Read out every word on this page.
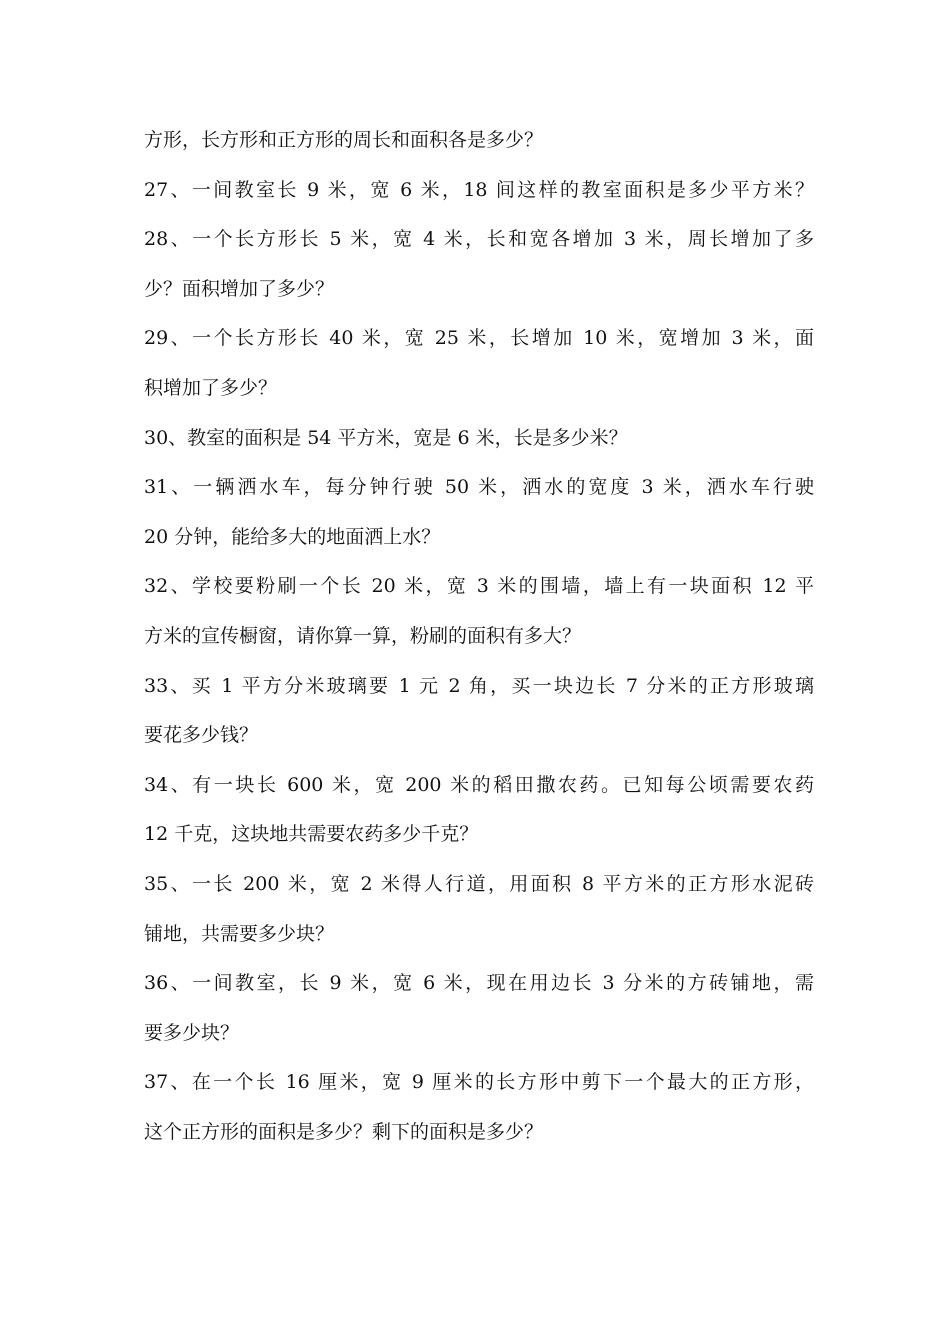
方形，长方形和正方形的周长和面积各是多少？
27、一间教室长 9 米，宽 6 米，18 间这样的教室面积是多少平方米？
28、一个长方形长 5 米，宽 4 米，长和宽各增加 3 米，周长增加了多
少？面积增加了多少？
29、一个长方形长 40 米，宽 25 米，长增加 10 米，宽增加 3 米，面
积增加了多少？
30、教室的面积是 54 平方米，宽是 6 米，长是多少米？
31、一辆洒水车，每分钟行驶 50 米，洒水的宽度 3 米，洒水车行驶
20 分钟，能给多大的地面洒上水？
32、学校要粉刷一个长 20 米，宽 3 米的围墙，墙上有一块面积 12 平
方米的宣传橱窗，请你算一算，粉刷的面积有多大？
33、买 1 平方分米玻璃要 1 元 2 角，买一块边长 7 分米的正方形玻璃
要花多少钱？
34、有一块长 600 米，宽 200 米的稻田撒农药。已知每公顷需要农药
12 千克，这块地共需要农药多少千克？
35、一长 200 米，宽 2 米得人行道，用面积 8 平方米的正方形水泥砖
铺地，共需要多少块？
36、一间教室，长 9 米，宽 6 米，现在用边长 3 分米的方砖铺地，需
要多少块？
37、在一个长 16 厘米，宽 9 厘米的长方形中剪下一个最大的正方形，
这个正方形的面积是多少？剩下的面积是多少？
